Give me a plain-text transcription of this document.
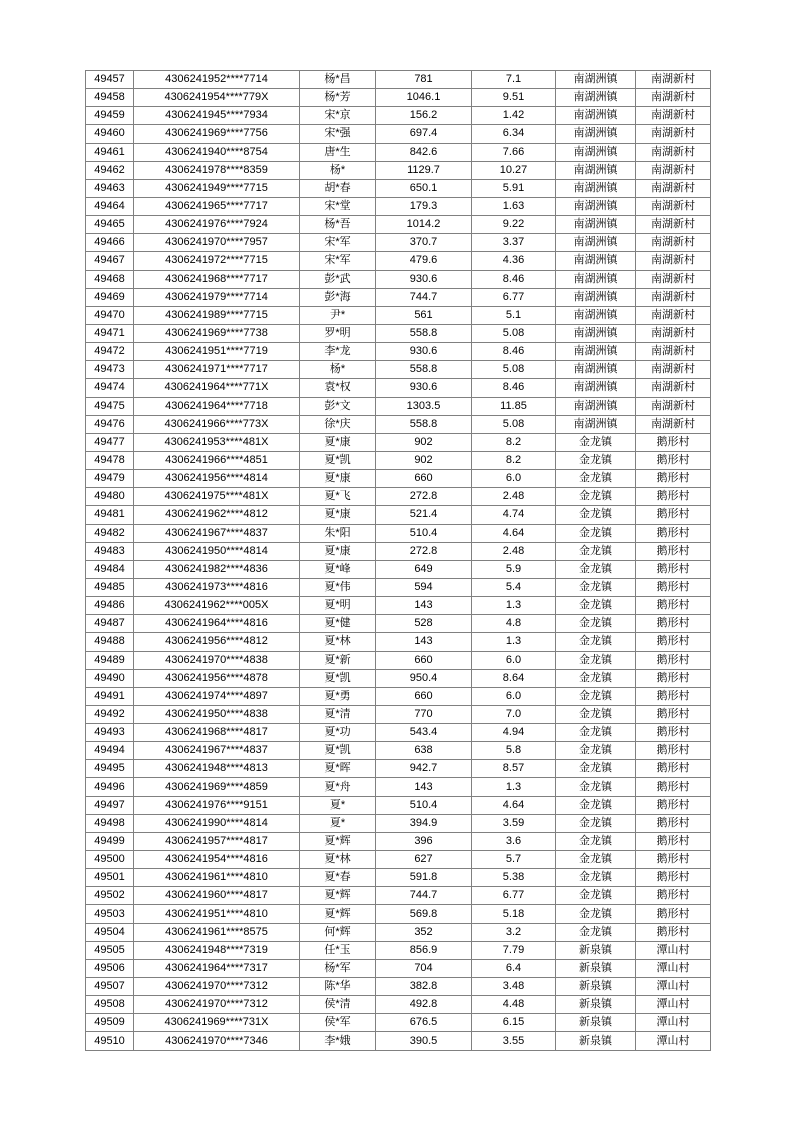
49457	4306241952****7714	杨*昌	781	7.1	南湖洲镇	南湖新村
49458	4306241954****779X	杨*芳	1046.1	9.51	南湖洲镇	南湖新村
49459	4306241945****7934	宋*京	156.2	1.42	南湖洲镇	南湖新村
49460	4306241969****7756	宋*强	697.4	6.34	南湖洲镇	南湖新村
49461	4306241940****8754	唐*生	842.6	7.66	南湖洲镇	南湖新村
49462	4306241978****8359	杨*	1129.7	10.27	南湖洲镇	南湖新村
49463	4306241949****7715	胡*春	650.1	5.91	南湖洲镇	南湖新村
49464	4306241965****7717	宋*堂	179.3	1.63	南湖洲镇	南湖新村
49465	4306241976****7924	杨*吾	1014.2	9.22	南湖洲镇	南湖新村
49466	4306241970****7957	宋*军	370.7	3.37	南湖洲镇	南湖新村
49467	4306241972****7715	宋*军	479.6	4.36	南湖洲镇	南湖新村
49468	4306241968****7717	彭*武	930.6	8.46	南湖洲镇	南湖新村
49469	4306241979****7714	彭*海	744.7	6.77	南湖洲镇	南湖新村
49470	4306241989****7715	尹*	561	5.1	南湖洲镇	南湖新村
49471	4306241969****7738	罗*明	558.8	5.08	南湖洲镇	南湖新村
49472	4306241951****7719	李*龙	930.6	8.46	南湖洲镇	南湖新村
49473	4306241971****7717	杨*	558.8	5.08	南湖洲镇	南湖新村
49474	4306241964****771X	袁*权	930.6	8.46	南湖洲镇	南湖新村
49475	4306241964****7718	彭*文	1303.5	11.85	南湖洲镇	南湖新村
49476	4306241966****773X	徐*庆	558.8	5.08	南湖洲镇	南湖新村
49477	4306241953****481X	夏*康	902	8.2	金龙镇	鹅形村
49478	4306241966****4851	夏*凯	902	8.2	金龙镇	鹅形村
49479	4306241956****4814	夏*康	660	6.0	金龙镇	鹅形村
49480	4306241975****481X	夏*飞	272.8	2.48	金龙镇	鹅形村
49481	4306241962****4812	夏*康	521.4	4.74	金龙镇	鹅形村
49482	4306241967****4837	朱*阳	510.4	4.64	金龙镇	鹅形村
49483	4306241950****4814	夏*康	272.8	2.48	金龙镇	鹅形村
49484	4306241982****4836	夏*峰	649	5.9	金龙镇	鹅形村
49485	4306241973****4816	夏*伟	594	5.4	金龙镇	鹅形村
49486	4306241962****005X	夏*明	143	1.3	金龙镇	鹅形村
49487	4306241964****4816	夏*健	528	4.8	金龙镇	鹅形村
49488	4306241956****4812	夏*林	143	1.3	金龙镇	鹅形村
49489	4306241970****4838	夏*新	660	6.0	金龙镇	鹅形村
49490	4306241956****4878	夏*凯	950.4	8.64	金龙镇	鹅形村
49491	4306241974****4897	夏*勇	660	6.0	金龙镇	鹅形村
49492	4306241950****4838	夏*清	770	7.0	金龙镇	鹅形村
49493	4306241968****4817	夏*功	543.4	4.94	金龙镇	鹅形村
49494	4306241967****4837	夏*凯	638	5.8	金龙镇	鹅形村
49495	4306241948****4813	夏*晖	942.7	8.57	金龙镇	鹅形村
49496	4306241969****4859	夏*舟	143	1.3	金龙镇	鹅形村
49497	4306241976****9151	夏*	510.4	4.64	金龙镇	鹅形村
49498	4306241990****4814	夏*	394.9	3.59	金龙镇	鹅形村
49499	4306241957****4817	夏*辉	396	3.6	金龙镇	鹅形村
49500	4306241954****4816	夏*林	627	5.7	金龙镇	鹅形村
49501	4306241961****4810	夏*春	591.8	5.38	金龙镇	鹅形村
49502	4306241960****4817	夏*辉	744.7	6.77	金龙镇	鹅形村
49503	4306241951****4810	夏*辉	569.8	5.18	金龙镇	鹅形村
49504	4306241961****8575	何*辉	352	3.2	金龙镇	鹅形村
49505	4306241948****7319	任*玉	856.9	7.79	新泉镇	潭山村
49506	4306241964****7317	杨*军	704	6.4	新泉镇	潭山村
49507	4306241970****7312	陈*华	382.8	3.48	新泉镇	潭山村
49508	4306241970****7312	侯*清	492.8	4.48	新泉镇	潭山村
49509	4306241969****731X	侯*军	676.5	6.15	新泉镇	潭山村
49510	4306241970****7346	李*娥	390.5	3.55	新泉镇	潭山村
